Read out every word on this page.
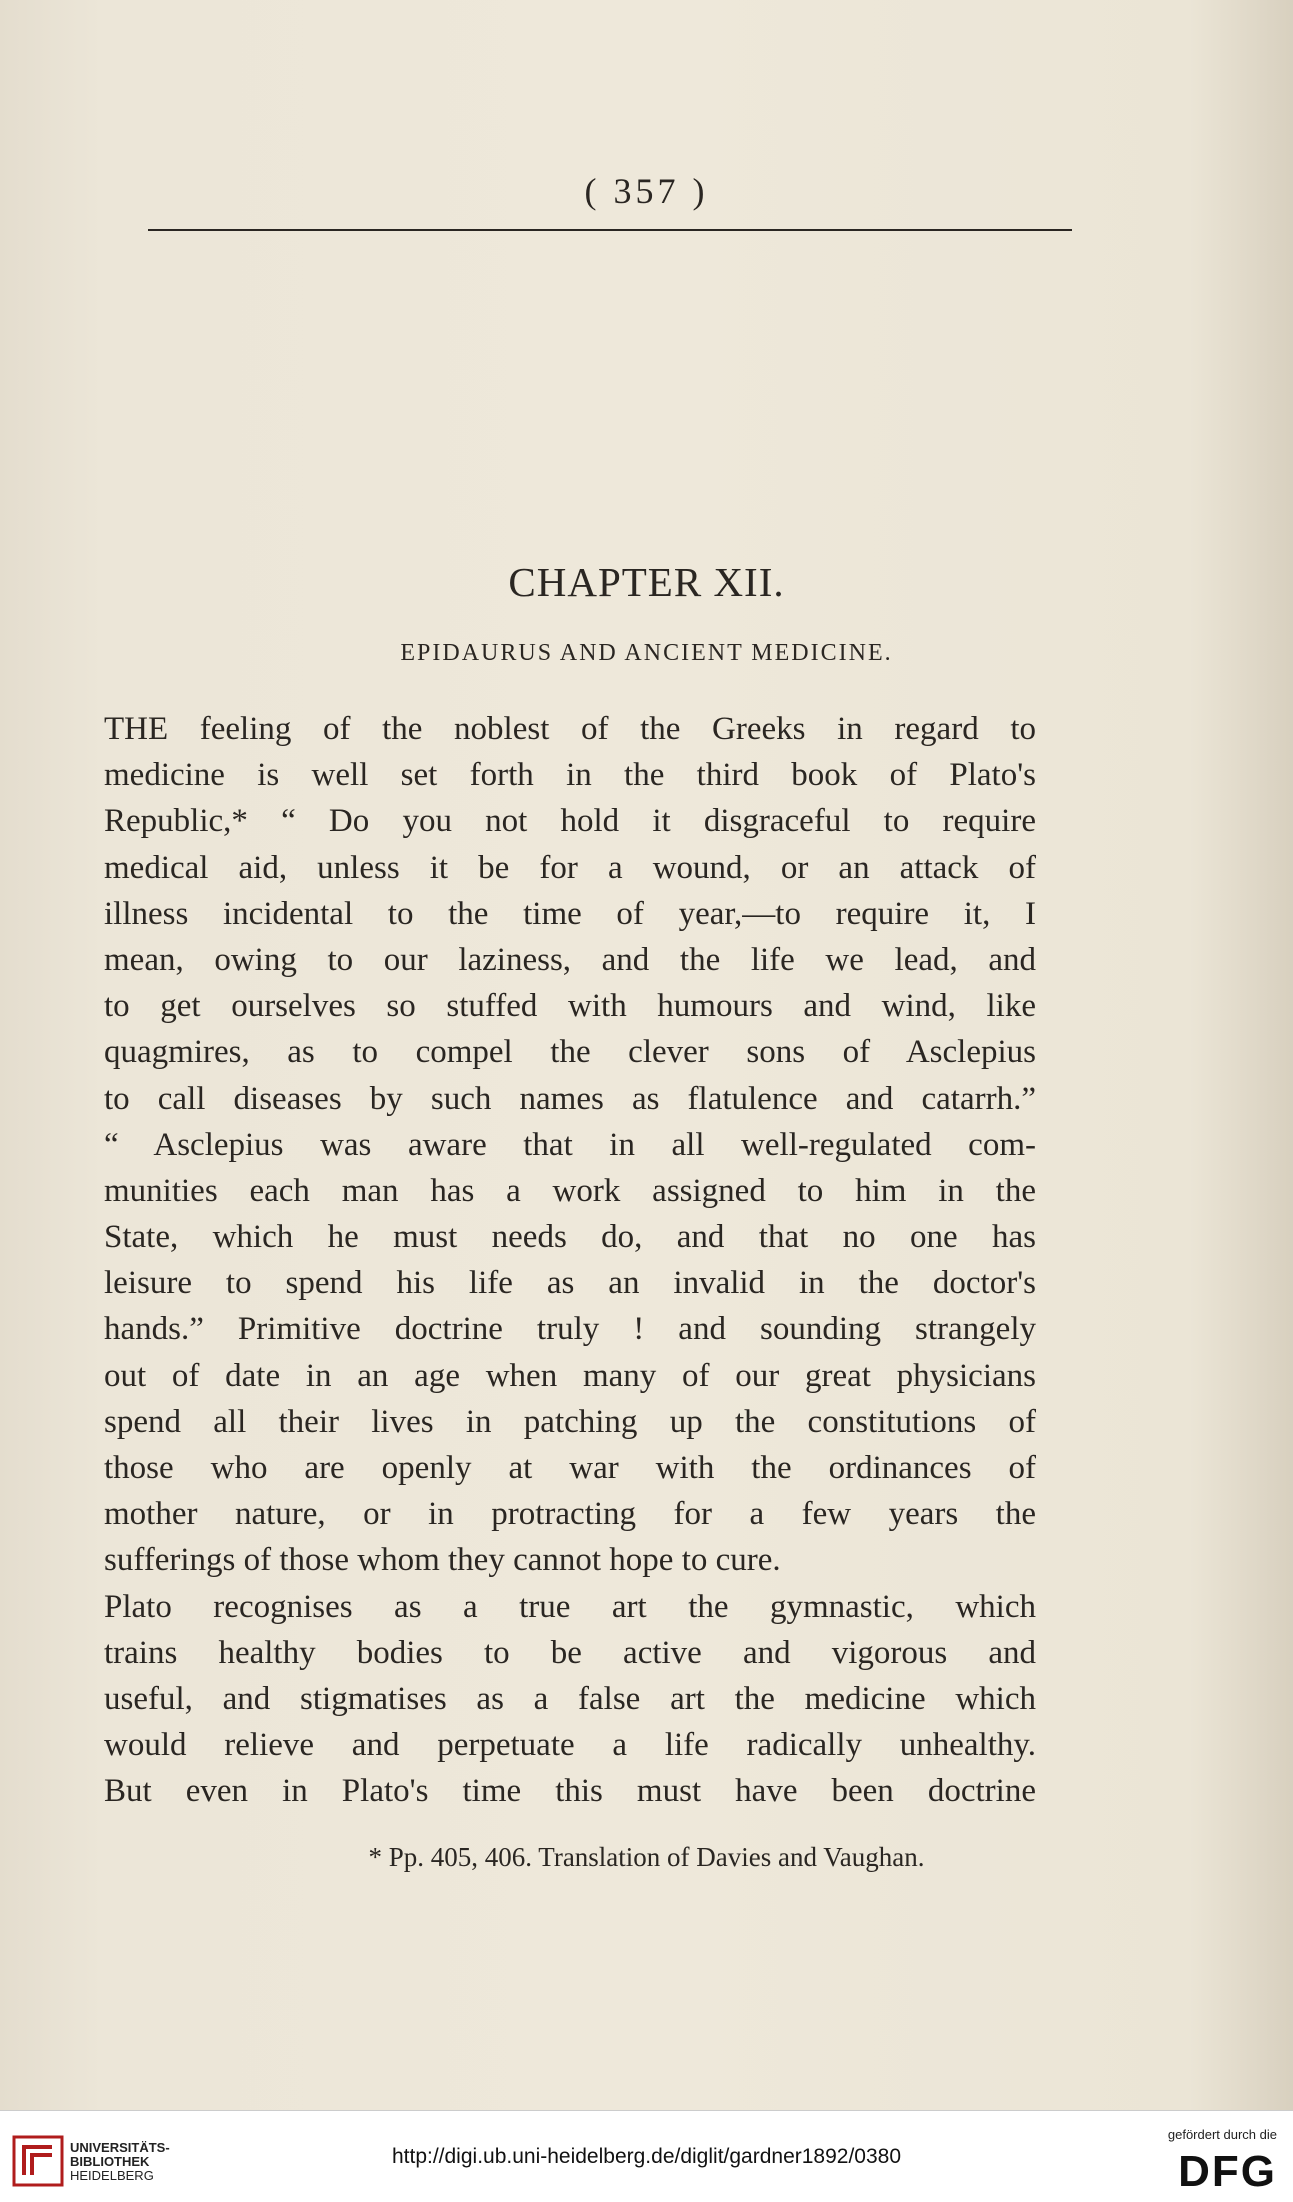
( 357 )
CHAPTER XII.
EPIDAURUS AND ANCIENT MEDICINE.
THE feeling of the noblest of the Greeks in regard to
medicine is well set forth in the third book of Plato's
Republic,* “ Do you not hold it disgraceful to require
medical aid, unless it be for a wound, or an attack of
illness incidental to the time of year,—to require it, I
mean, owing to our laziness, and the life we lead, and
to get ourselves so stuffed with humours and wind, like
quagmires, as to compel the clever sons of Asclepius
to call diseases by such names as flatulence and catarrh.”
“ Asclepius was aware that in all well-regulated com-
munities each man has a work assigned to him in the
State, which he must needs do, and that no one has
leisure to spend his life as an invalid in the doctor's
hands.” Primitive doctrine truly ! and sounding strangely
out of date in an age when many of our great physicians
spend all their lives in patching up the constitutions of
those who are openly at war with the ordinances of
mother nature, or in protracting for a few years the
sufferings of those whom they cannot hope to cure.
Plato recognises as a true art the gymnastic, which
trains healthy bodies to be active and vigorous and
useful, and stigmatises as a false art the medicine which
would relieve and perpetuate a life radically unhealthy.
But even in Plato's time this must have been doctrine
* Pp. 405, 406. Translation of Davies and Vaughan.
UNIVERSITÄTS-
BIBLIOTHEK
HEIDELBERG
http://digi.ub.uni-heidelberg.de/diglit/gardner1892/0380
gefördert durch die
DFG
